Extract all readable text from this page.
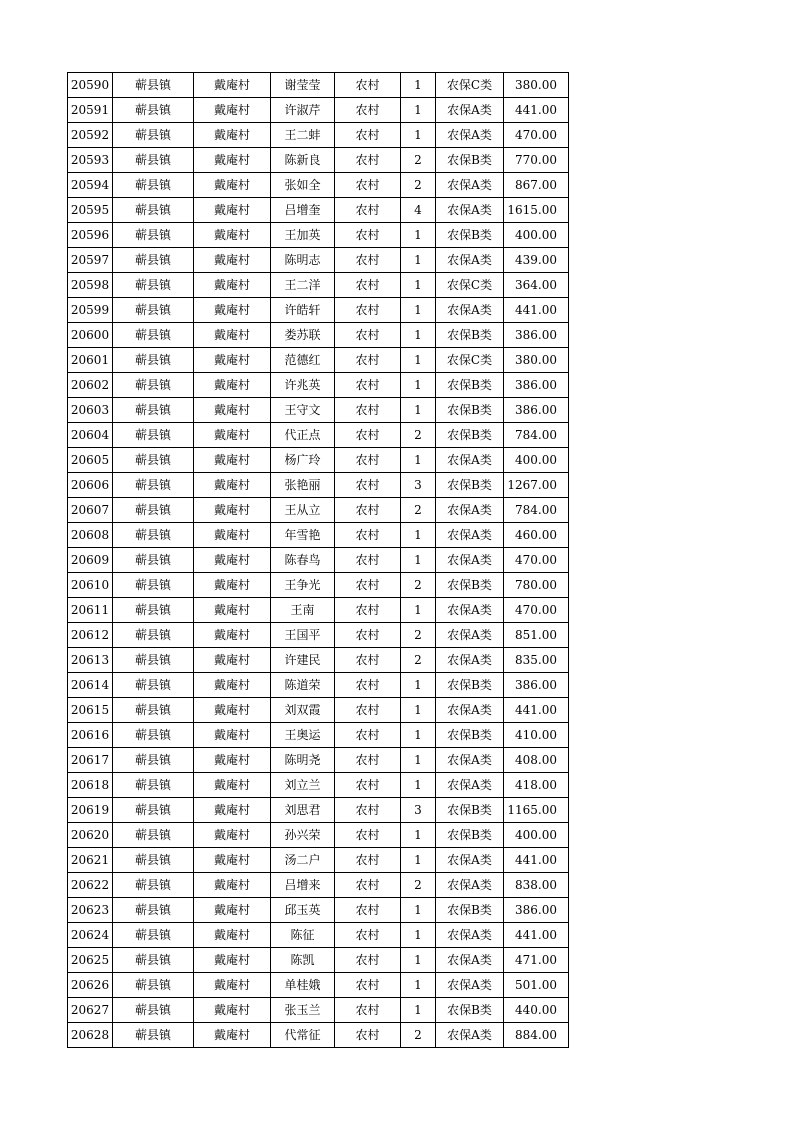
20590	蕲县镇	戴庵村	谢莹莹	农村	1	农保C类	380.00
20591	蕲县镇	戴庵村	许淑芹	农村	1	农保A类	441.00
20592	蕲县镇	戴庵村	王二蚌	农村	1	农保A类	470.00
20593	蕲县镇	戴庵村	陈新良	农村	2	农保B类	770.00
20594	蕲县镇	戴庵村	张如全	农村	2	农保A类	867.00
20595	蕲县镇	戴庵村	吕增奎	农村	4	农保A类	1615.00
20596	蕲县镇	戴庵村	王加英	农村	1	农保B类	400.00
20597	蕲县镇	戴庵村	陈明志	农村	1	农保A类	439.00
20598	蕲县镇	戴庵村	王二洋	农村	1	农保C类	364.00
20599	蕲县镇	戴庵村	许皓轩	农村	1	农保A类	441.00
20600	蕲县镇	戴庵村	娄苏联	农村	1	农保B类	386.00
20601	蕲县镇	戴庵村	范德红	农村	1	农保C类	380.00
20602	蕲县镇	戴庵村	许兆英	农村	1	农保B类	386.00
20603	蕲县镇	戴庵村	王守文	农村	1	农保B类	386.00
20604	蕲县镇	戴庵村	代正点	农村	2	农保B类	784.00
20605	蕲县镇	戴庵村	杨广玲	农村	1	农保A类	400.00
20606	蕲县镇	戴庵村	张艳丽	农村	3	农保B类	1267.00
20607	蕲县镇	戴庵村	王从立	农村	2	农保A类	784.00
20608	蕲县镇	戴庵村	年雪艳	农村	1	农保A类	460.00
20609	蕲县镇	戴庵村	陈春鸟	农村	1	农保A类	470.00
20610	蕲县镇	戴庵村	王争光	农村	2	农保B类	780.00
20611	蕲县镇	戴庵村	王南	农村	1	农保A类	470.00
20612	蕲县镇	戴庵村	王国平	农村	2	农保A类	851.00
20613	蕲县镇	戴庵村	许建民	农村	2	农保A类	835.00
20614	蕲县镇	戴庵村	陈道荣	农村	1	农保B类	386.00
20615	蕲县镇	戴庵村	刘双霞	农村	1	农保A类	441.00
20616	蕲县镇	戴庵村	王奥运	农村	1	农保B类	410.00
20617	蕲县镇	戴庵村	陈明尧	农村	1	农保A类	408.00
20618	蕲县镇	戴庵村	刘立兰	农村	1	农保A类	418.00
20619	蕲县镇	戴庵村	刘思君	农村	3	农保B类	1165.00
20620	蕲县镇	戴庵村	孙兴荣	农村	1	农保B类	400.00
20621	蕲县镇	戴庵村	汤二户	农村	1	农保A类	441.00
20622	蕲县镇	戴庵村	吕增来	农村	2	农保A类	838.00
20623	蕲县镇	戴庵村	邱玉英	农村	1	农保B类	386.00
20624	蕲县镇	戴庵村	陈征	农村	1	农保A类	441.00
20625	蕲县镇	戴庵村	陈凯	农村	1	农保A类	471.00
20626	蕲县镇	戴庵村	单桂娥	农村	1	农保A类	501.00
20627	蕲县镇	戴庵村	张玉兰	农村	1	农保B类	440.00
20628	蕲县镇	戴庵村	代常征	农村	2	农保A类	884.00
